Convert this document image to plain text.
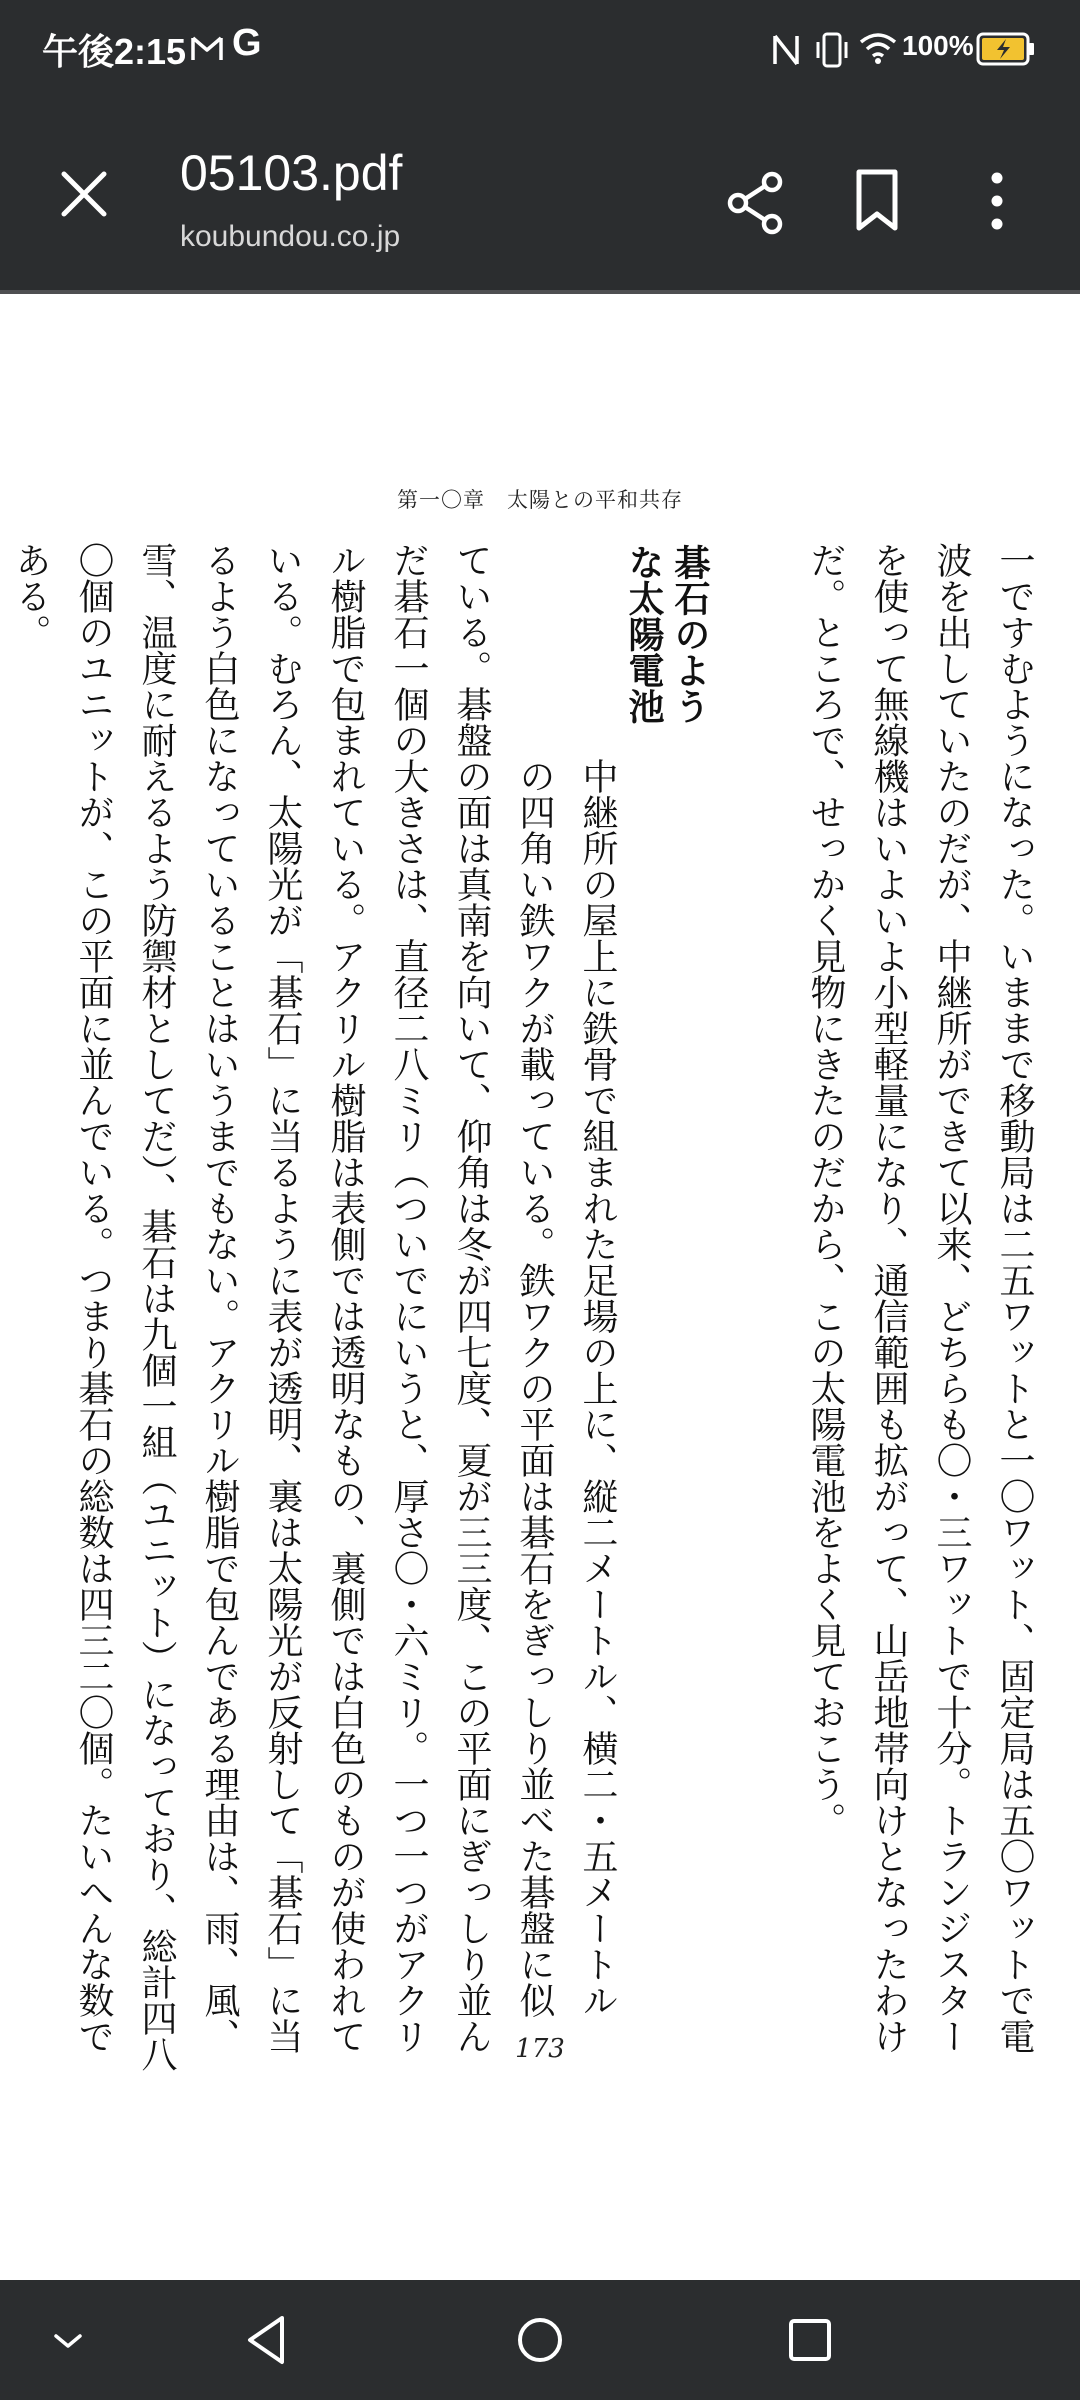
午後2:15 G	100%
05103.pdf
koubundou.co.jp
第一〇章　太陽との平和共存
一ですむようになった。いままで移動局は二五ワットと一〇ワット、固定局は五〇ワットで電
波を出していたのだが、中継所ができて以来、どちらも〇・三ワットで十分。トランジスター
を使って無線機はいよいよ小型軽量になり、通信範囲も拡がって、山岳地帯向けとなったわけ
だ。ところで、せっかく見物にきたのだから、この太陽電池をよく見ておこう。
碁石のよう
な太陽電池
　　　　　　中継所の屋上に鉄骨で組まれた足場の上に、縦二メートル、横二・五メートル
　　　　　　の四角い鉄ワクが載っている。鉄ワクの平面は碁石をぎっしり並べた碁盤に似
ている。碁盤の面は真南を向いて、仰角は冬が四七度、夏が三三度、この平面にぎっしり並ん
だ碁石一個の大きさは、直径二八ミリ（ついでにいうと、厚さ〇・六ミリ。一つ一つがアクリ
ル樹脂で包まれている。アクリル樹脂は表側では透明なもの、裏側では白色のものが使われて
いる。むろん、太陽光が「碁石」に当るように表が透明、裏は太陽光が反射して「碁石」に当
るよう白色になっていることはいうまでもない。アクリル樹脂で包んである理由は、雨、風、
雪、温度に耐えるよう防禦材としてだ）、碁石は九個一組（ユニット）になっており、総計四八
〇個のユニットが、この平面に並んでいる。つまり碁石の総数は四三二〇個。たいへんな数で
ある。

173
